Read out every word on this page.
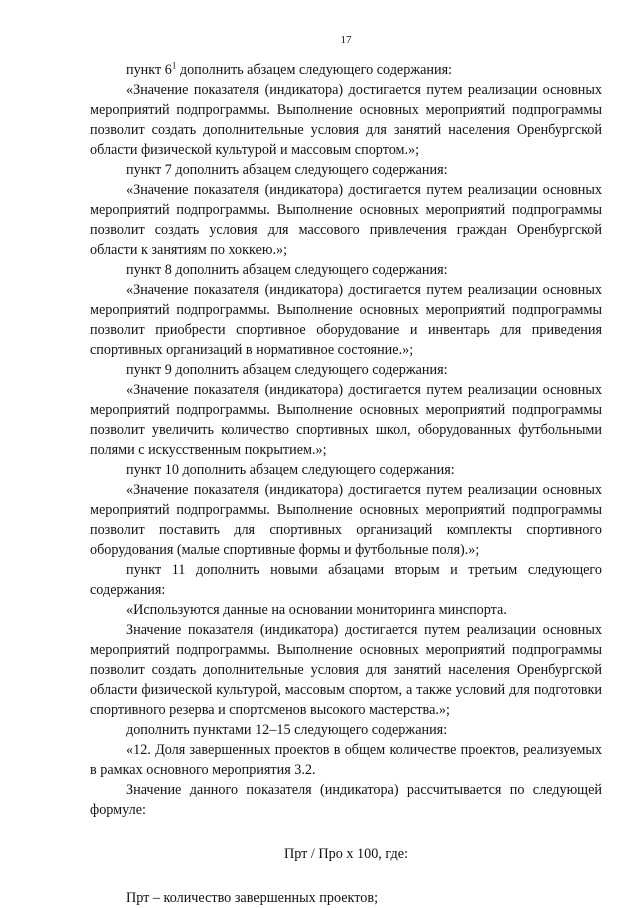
17

пункт $6^1$ дополнить абзацем следующего содержания:

«Значение показателя (индикатора) достигается путем реализации основных мероприятий подпрограммы. Выполнение основных мероприятий подпрограммы позволит создать дополнительные условия для занятий населения Оренбургской области физической культурой и массовым спортом.»;

пункт 7 дополнить абзацем следующего содержания:

«Значение показателя (индикатора) достигается путем реализации основных мероприятий подпрограммы. Выполнение основных мероприятий подпрограммы позволит создать условия для массового привлечения граждан Оренбургской области к занятиям по хоккею.»;

пункт 8 дополнить абзацем следующего содержания:

«Значение показателя (индикатора) достигается путем реализации основных мероприятий подпрограммы. Выполнение основных мероприятий подпрограммы позволит приобрести спортивное оборудование и инвентарь для приведения спортивных организаций в нормативное состояние.»;

пункт 9 дополнить абзацем следующего содержания:

«Значение показателя (индикатора) достигается путем реализации основных мероприятий подпрограммы. Выполнение основных мероприятий подпрограммы позволит увеличить количество спортивных школ, оборудованных футбольными полями с искусственным покрытием.»;

пункт 10 дополнить абзацем следующего содержания:

«Значение показателя (индикатора) достигается путем реализации основных мероприятий подпрограммы. Выполнение основных мероприятий подпрограммы позволит поставить для спортивных организаций комплекты спортивного оборудования (малые спортивные формы и футбольные поля).»;

пункт 11 дополнить новыми абзацами вторым и третьим следующего содержания:

«Используются данные на основании мониторинга минспорта.

Значение показателя (индикатора) достигается путем реализации основных мероприятий подпрограммы. Выполнение основных мероприятий подпрограммы позволит создать дополнительные условия для занятий населения Оренбургской области физической культурой, массовым спортом, а также условий для подготовки спортивного резерва и спортсменов высокого мастерства.»;

дополнить пунктами 12–15 следующего содержания:

«12. Доля завершенных проектов в общем количестве проектов, реализуемых в рамках основного мероприятия 3.2.

Значение данного показателя (индикатора) рассчитывается по следующей формуле:

Прт / Про х 100, где:

Прт – количество завершенных проектов;
